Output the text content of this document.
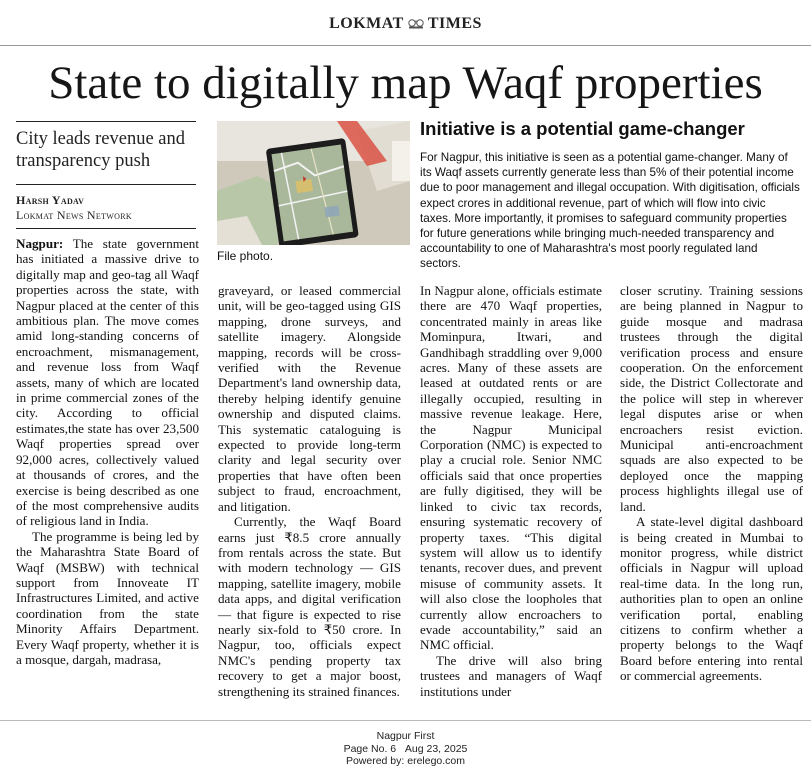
LOKMAT TIMES
State to digitally map Waqf properties
City leads revenue and transparency push
Harsh Yadav
Lokmat News Network
File photo.
Initiative is a potential game-changer
For Nagpur, this initiative is seen as a potential game-changer. Many of its Waqf assets currently generate less than 5% of their potential income due to poor management and illegal occupation. With digitisation, officials expect crores in additional revenue, part of which will flow into civic taxes. More importantly, it promises to safeguard community properties for future generations while bringing much-needed transparency and accountability to one of Maharashtra's most poorly regulated land sectors.

Nagpur: The state government has initiated a massive drive to digitally map and geo-tag all Waqf properties across the state, with Nagpur placed at the center of this ambitious plan. The move comes amid long-standing concerns of encroachment, mismanagement, and revenue loss from Waqf assets, many of which are located in prime commercial zones of the city. According to official estimates,the state has over 23,500 Waqf properties spread over 92,000 acres, collectively valued at thousands of crores, and the exercise is being described as one of the most comprehensive audits of religious land in India.

The programme is being led by the Maharashtra State Board of Waqf (MSBW) with technical support from Innoveate IT Infrastructures Limited, and active coordination from the state Minority Affairs Department. Every Waqf property, whether it is a mosque, dargah, madrasa,

graveyard, or leased commercial unit, will be geo-tagged using GIS mapping, drone surveys, and satellite imagery. Alongside mapping, records will be cross-verified with the Revenue Department's land ownership data, thereby helping identify genuine ownership and disputed claims. This systematic cataloguing is expected to provide long-term clarity and legal security over properties that have often been subject to fraud, encroachment, and litigation.

Currently, the Waqf Board earns just ₹8.5 crore annually from rentals across the state. But with modern technology — GIS mapping, satellite imagery, mobile data apps, and digital verification — that figure is expected to rise nearly six-fold to ₹50 crore. In Nagpur, too, officials expect NMC's pending property tax recovery to get a major boost, strengthening its strained finances.

In Nagpur alone, officials estimate there are 470 Waqf properties, concentrated mainly in areas like Mominpura, Itwari, and Gandhibagh straddling over 9,000 acres. Many of these assets are leased at outdated rents or are illegally occupied, resulting in massive revenue leakage. Here, the Nagpur Municipal Corporation (NMC) is expected to play a crucial role. Senior NMC officials said that once properties are fully digitised, they will be linked to civic tax records, ensuring systematic recovery of property taxes. “This digital system will allow us to identify tenants, recover dues, and prevent misuse of community assets. It will also close the loopholes that currently allow encroachers to evade accountability,” said an NMC official.

The drive will also bring trustees and managers of Waqf institutions under

closer scrutiny. Training sessions are being planned in Nagpur to guide mosque and madrasa trustees through the digital verification process and ensure cooperation. On the enforcement side, the District Collectorate and the police will step in wherever legal disputes arise or when encroachers resist eviction. Municipal anti-encroachment squads are also expected to be deployed once the mapping process highlights illegal use of land.

A state-level digital dashboard is being created in Mumbai to monitor progress, while district officials in Nagpur will upload real-time data. In the long run, authorities plan to open an online verification portal, enabling citizens to confirm whether a property belongs to the Waqf Board before entering into rental or commercial agreements.

Nagpur First
Page No. 6 Aug 23, 2025
Powered by: erelego.com
